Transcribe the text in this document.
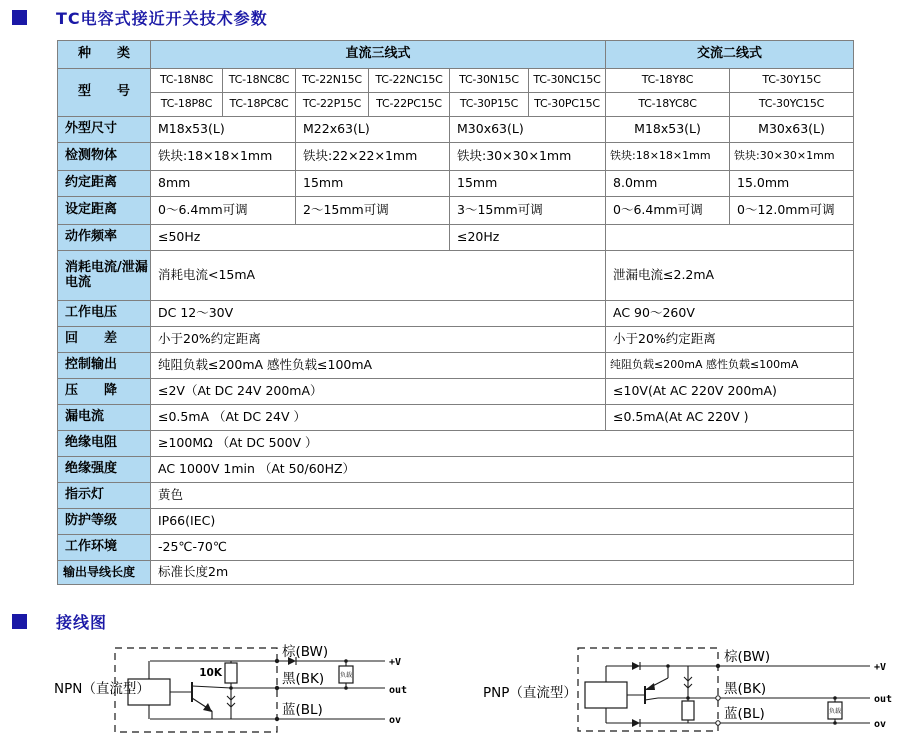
TC电容式接近开关技术参数
种　　类	直流三线式						交流二线式	
型　　号	TC-18N8C	TC-18NC8C	TC-22N15C	TC-22NC15C	TC-30N15C	TC-30NC15C	TC-18Y8C	TC-30Y15C
	TC-18P8C	TC-18PC8C	TC-22P15C	TC-22PC15C	TC-30P15C	TC-30PC15C	TC-18YC8C	TC-30YC15C
外型尺寸	M18x53(L)		M22x63(L)		M30x63(L)		M18x53(L)	M30x63(L)
检测物体	铁块:18×18×1mm		铁块:22×22×1mm		铁块:30×30×1mm		铁块:18×18×1mm	铁块:30×30×1mm
约定距离	8mm		15mm		15mm		8.0mm	15.0mm
设定距离	0～6.4mm可调		2～15mm可调		3～15mm可调		0～6.4mm可调	0～12.0mm可调
动作频率	≤50Hz				≤20Hz			
消耗电流/泄漏电流	消耗电流<15mA						泄漏电流≤2.2mA	
工作电压	DC 12～30V						AC 90～260V	
回　　差	小于20%约定距离						小于20%约定距离	
控制输出	纯阻负载≤200mA 感性负载≤100mA						纯阻负载≤200mA 感性负载≤100mA	
压　　降	≤2V（At DC 24V 200mA）						≤10V(At AC 220V 200mA)	
漏电流	≤0.5mA （At DC 24V ）						≤0.5mA(At AC 220V )	
绝缘电阻	≥100MΩ （At DC 500V ）							
绝缘强度	AC 1000V 1min （At 50/60HZ）							
指示灯	黄色							
防护等级	IP66(IEC)							
工作环境	-25℃-70℃							
输出导线长度	标准长度2m							
接线图
10K	负载
棕(BW)
黑(BK)
蓝(BL)
+V
out
ov
NPN（直流型）
负载
棕(BW)
黑(BK)
蓝(BL)
+V
out
ov
PNP（直流型）
